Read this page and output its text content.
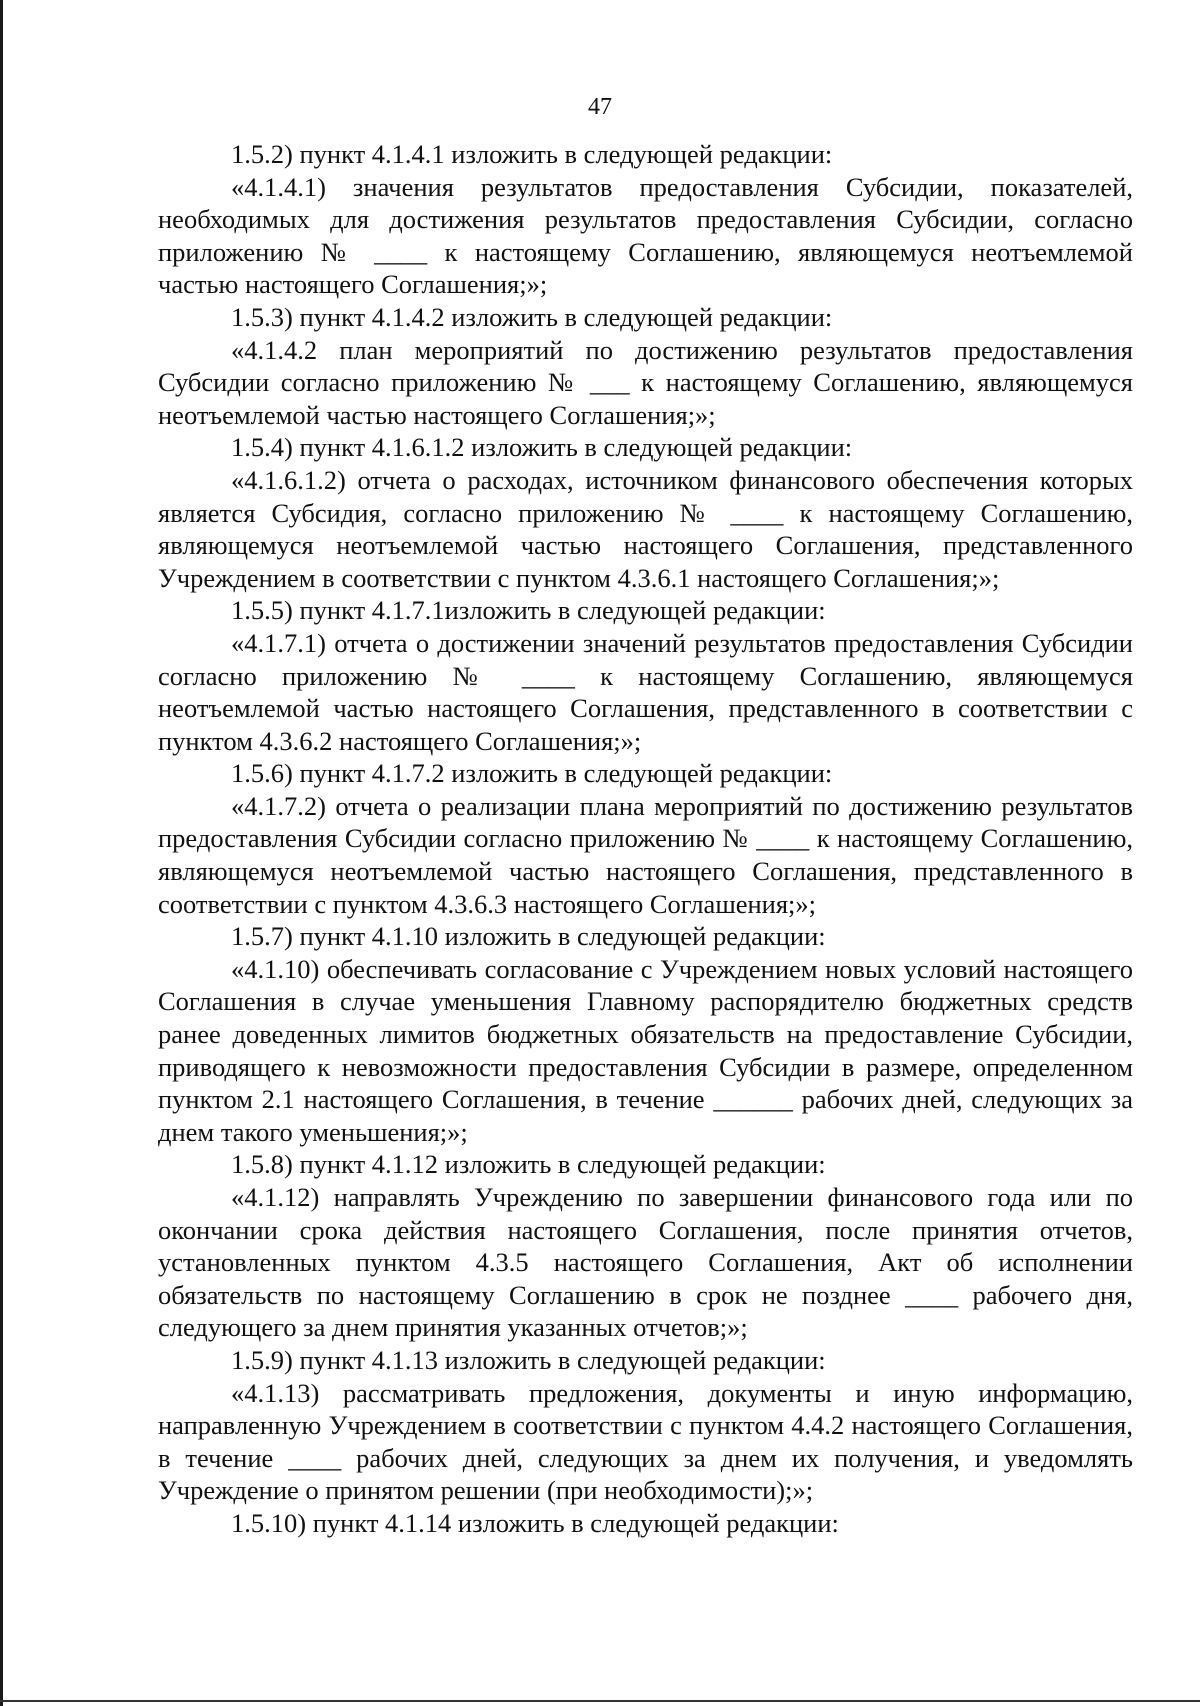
47

1.5.2) пункт 4.1.4.1 изложить в следующей редакции:

«4.1.4.1) значения результатов предоставления Субсидии, показателей, необходимых для достижения результатов предоставления Субсидии, согласно приложению № ____ к настоящему Соглашению, являющемуся неотъемлемой частью настоящего Соглашения;»;

1.5.3) пункт 4.1.4.2 изложить в следующей редакции:

«4.1.4.2 план мероприятий по достижению результатов предоставления Субсидии согласно приложению № ___ к настоящему Соглашению, являющемуся неотъемлемой частью настоящего Соглашения;»;

1.5.4) пункт 4.1.6.1.2 изложить в следующей редакции:

«4.1.6.1.2) отчета о расходах, источником финансового обеспечения которых является Субсидия, согласно приложению № ____ к настоящему Соглашению, являющемуся неотъемлемой частью настоящего Соглашения, представленного Учреждением в соответствии с пунктом 4.3.6.1 настоящего Соглашения;»;

1.5.5) пункт 4.1.7.1изложить в следующей редакции:

«4.1.7.1) отчета о достижении значений результатов предоставления Субсидии согласно приложению № ____ к настоящему Соглашению, являющемуся неотъемлемой частью настоящего Соглашения, представленного в соответствии с пунктом 4.3.6.2 настоящего Соглашения;»;

1.5.6) пункт 4.1.7.2 изложить в следующей редакции:

«4.1.7.2) отчета о реализации плана мероприятий по достижению результатов предоставления Субсидии согласно приложению № ____ к настоящему Соглашению, являющемуся неотъемлемой частью настоящего Соглашения, представленного в соответствии с пунктом 4.3.6.3 настоящего Соглашения;»;

1.5.7) пункт 4.1.10 изложить в следующей редакции:

«4.1.10) обеспечивать согласование с Учреждением новых условий настоящего Соглашения в случае уменьшения Главному распорядителю бюджетных средств ранее доведенных лимитов бюджетных обязательств на предоставление Субсидии, приводящего к невозможности предоставления Субсидии в размере, определенном пунктом 2.1 настоящего Соглашения, в течение ______ рабочих дней, следующих за днем такого уменьшения;»;

1.5.8) пункт 4.1.12 изложить в следующей редакции:

«4.1.12) направлять Учреждению по завершении финансового года или по окончании срока действия настоящего Соглашения, после принятия отчетов, установленных пунктом 4.3.5 настоящего Соглашения, Акт об исполнении обязательств по настоящему Соглашению в срок не позднее ____ рабочего дня, следующего за днем принятия указанных отчетов;»;

1.5.9) пункт 4.1.13 изложить в следующей редакции:

«4.1.13) рассматривать предложения, документы и иную информацию, направленную Учреждением в соответствии с пунктом 4.4.2 настоящего Соглашения, в течение ____ рабочих дней, следующих за днем их получения, и уведомлять Учреждение о принятом решении (при необходимости);»;

1.5.10) пункт 4.1.14 изложить в следующей редакции:
